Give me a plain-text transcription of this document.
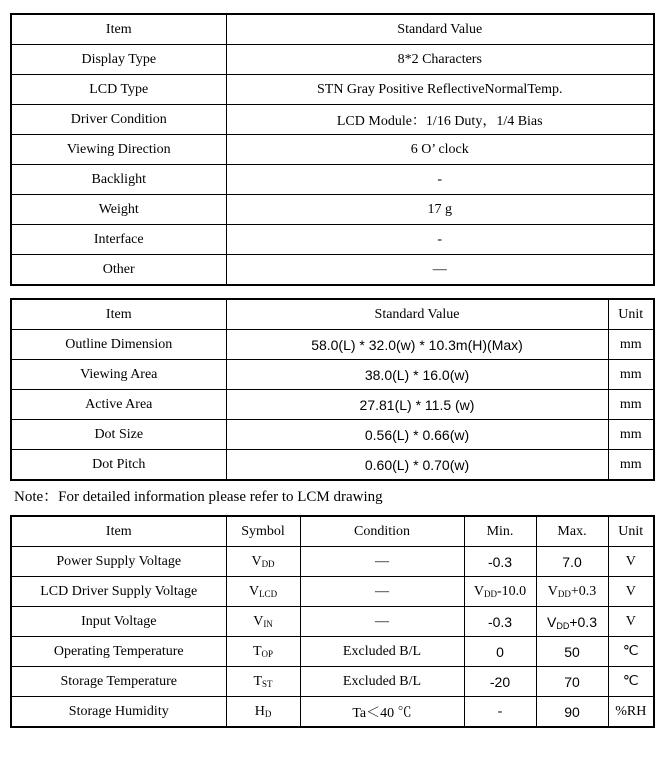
Item	Standard Value
Display Type	8*2 Characters
LCD Type	STN Gray Positive ReflectiveNormalTemp.
Driver Condition	LCD Module：1/16 Duty，1/4 Bias
Viewing Direction	6 O’ clock
Backlight	-
Weight	17 g
Interface	-
Other	—
Item	Standard Value	Unit
Outline Dimension	58.0(L) * 32.0(w) * 10.3m(H)(Max)	mm
Viewing Area	38.0(L) * 16.0(w)	mm
Active Area	27.81(L) * 11.5 (w)	mm
Dot Size	0.56(L) * 0.66(w)	mm
Dot Pitch	0.60(L) * 0.70(w)	mm
Note：For detailed information please refer to LCM drawing
Item	Symbol	Condition	Min.	Max.	Unit
Power Supply Voltage	$V_{DD}$	—	-0.3	7.0	V
LCD Driver Supply Voltage	$V_{LCD}$	—	$V_{DD}-10.0$	$V_{DD}+0.3$	V
Input Voltage	$V_{IN}$	—	-0.3	$V_{DD}+0.3$	V
Operating Temperature	$T_{OP}$	Excluded B/L	0	50	℃
Storage Temperature	$T_{ST}$	Excluded B/L	-20	70	℃
Storage Humidity	$H_D$	Ta＜40 ℃	-	90	%RH
